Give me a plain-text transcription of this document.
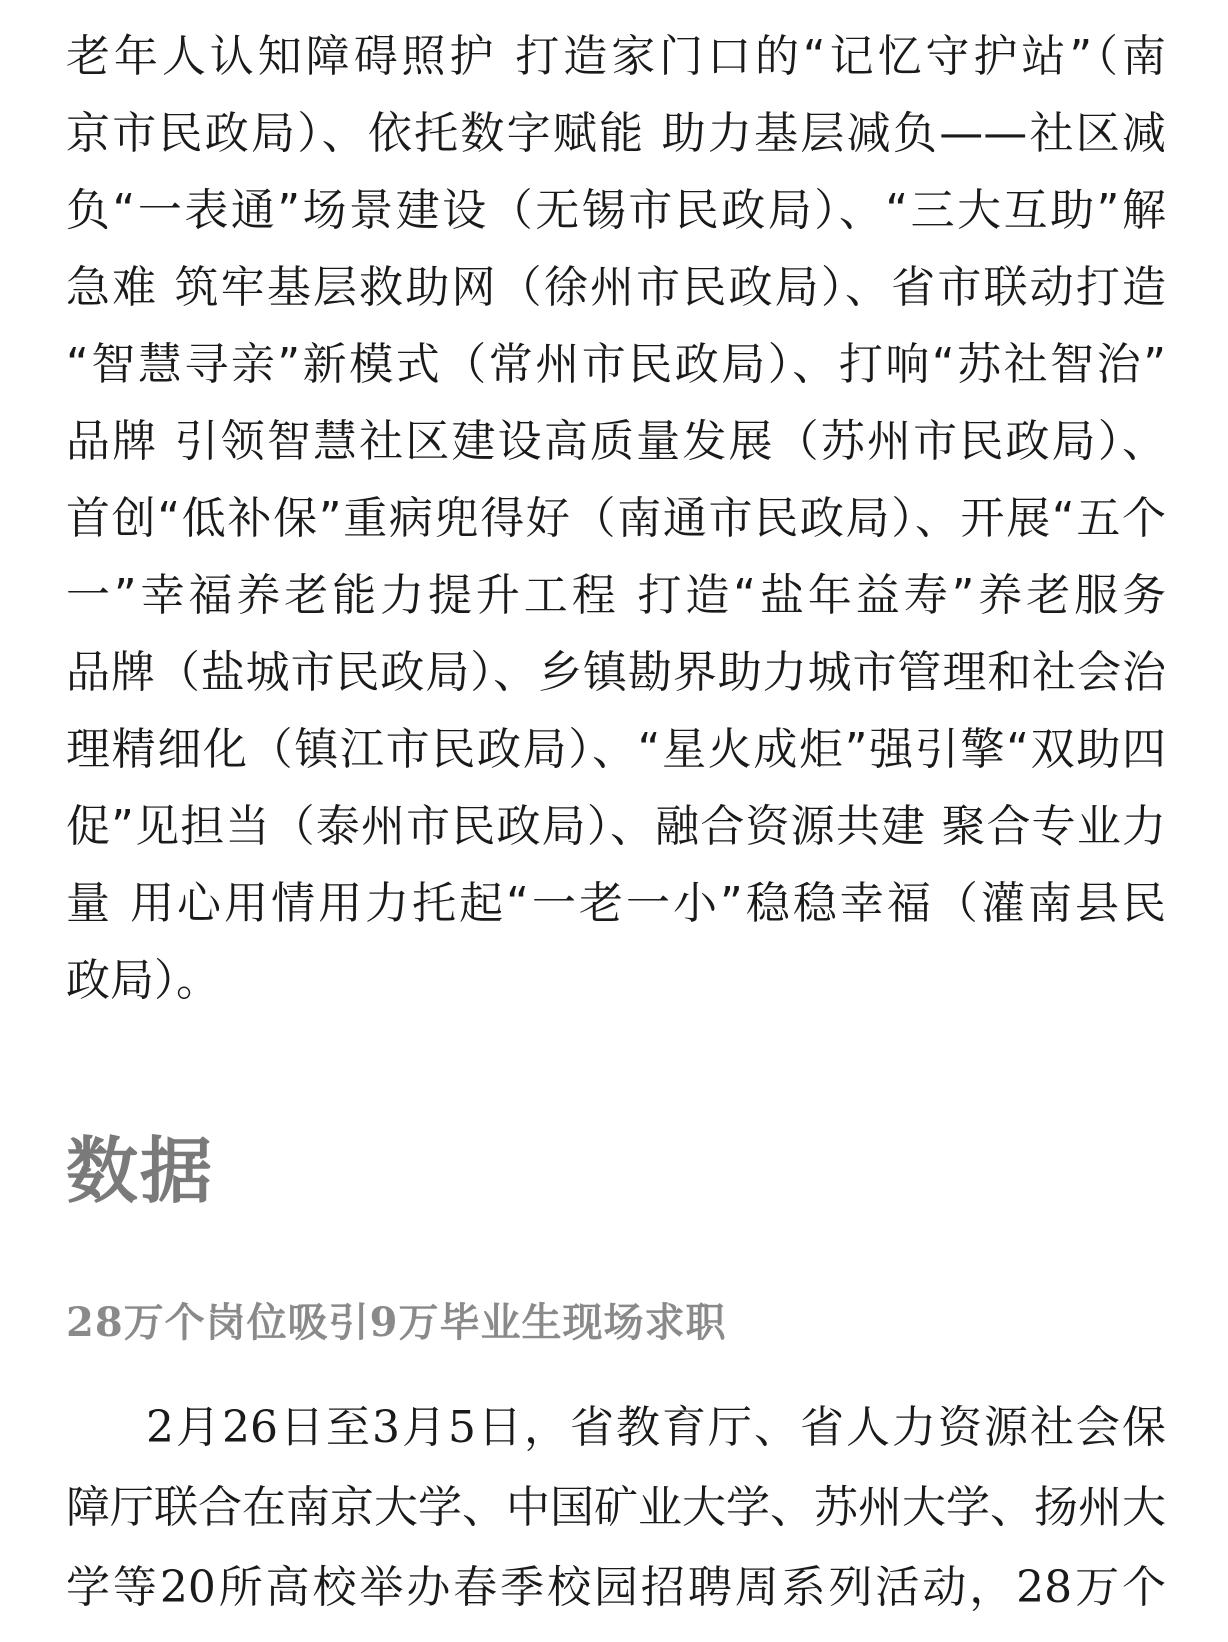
老年人认知障碍照护 打造家门口的“记忆守护站”（南
京市民政局）、依托数字赋能 助力基层减负——社区减
负“一表通”场景建设（无锡市民政局）、“三大互助”解
急难 筑牢基层救助网（徐州市民政局）、省市联动打造
“智慧寻亲”新模式（常州市民政局）、打响“苏社智治”
品牌 引领智慧社区建设高质量发展（苏州市民政局）、
首创“低补保”重病兜得好（南通市民政局）、开展“五个
一”幸福养老能力提升工程 打造“盐年益寿”养老服务
品牌（盐城市民政局）、乡镇勘界助力城市管理和社会治
理精细化（镇江市民政局）、“星火成炬”强引擎“双助四
促”见担当（泰州市民政局）、融合资源共建 聚合专业力
量 用心用情用力托起“一老一小”稳稳幸福（灌南县民
政局）。
数据
28万个岗位吸引9万毕业生现场求职
2月26日至3月5日，省教育厅、省人力资源社会保
障厅联合在南京大学、中国矿业大学、苏州大学、扬州大
学等20所高校举办春季校园招聘周系列活动，28万个
